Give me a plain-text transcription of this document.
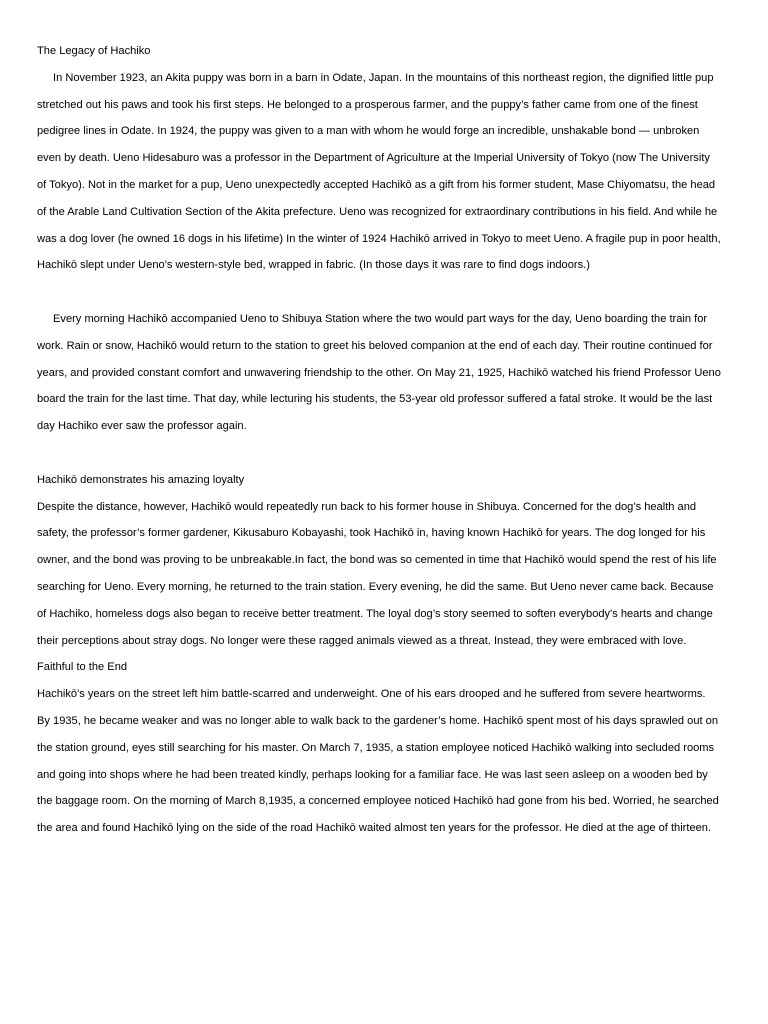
The Legacy of Hachiko

In November 1923, an Akita puppy was born in a barn in Odate, Japan. In the mountains of this northeast region, the dignified little pup stretched out his paws and took his first steps. He belonged to a prosperous farmer, and the puppy’s father came from one of the finest pedigree lines in Odate. In 1924, the puppy was given to a man with whom he would forge an incredible, unshakable bond — unbroken even by death. Ueno Hidesaburo was a professor in the Department of Agriculture at the Imperial University of Tokyo (now The University of Tokyo). Not in the market for a pup, Ueno unexpectedly accepted Hachikō as a gift from his former student, Mase Chiyomatsu, the head of the Arable Land Cultivation Section of the Akita prefecture. Ueno was recognized for extraordinary contributions in his field. And while he was a dog lover (he owned 16 dogs in his lifetime) In the winter of 1924 Hachikō arrived in Tokyo to meet Ueno. A fragile pup in poor health, Hachikō slept under Ueno’s western-style bed, wrapped in fabric. (In those days it was rare to find dogs indoors.)

Every morning Hachikō accompanied Ueno to Shibuya Station where the two would part ways for the day, Ueno boarding the train for work. Rain or snow, Hachikō would return to the station to greet his beloved companion at the end of each day. Their routine continued for years, and provided constant comfort and unwavering friendship to the other. On May 21, 1925, Hachikō watched his friend Professor Ueno board the train for the last time. That day, while lecturing his students, the 53-year old professor suffered a fatal stroke. It would be the last day Hachiko ever saw the professor again.

Hachikō demonstrates his amazing loyalty

Despite the distance, however, Hachikō would repeatedly run back to his former house in Shibuya. Concerned for the dog’s health and safety, the professor’s former gardener, Kikusaburo Kobayashi, took Hachikō in, having known Hachikō for years. The dog longed for his owner, and the bond was proving to be unbreakable.In fact, the bond was so cemented in time that Hachikō would spend the rest of his life searching for Ueno. Every morning, he returned to the train station. Every evening, he did the same. But Ueno never came back. Because of Hachiko, homeless dogs also began to receive better treatment. The loyal dog’s story seemed to soften everybody's hearts and change their perceptions about stray dogs. No longer were these ragged animals viewed as a threat. Instead, they were embraced with love.

Faithful to the End

Hachikō's years on the street left him battle-scarred and underweight. One of his ears drooped and he suffered from severe heartworms. By 1935, he became weaker and was no longer able to walk back to the gardener’s home. Hachikō spent most of his days sprawled out on the station ground, eyes still searching for his master. On March 7, 1935, a station employee noticed Hachikō walking into secluded rooms and going into shops where he had been treated kindly, perhaps looking for a familiar face. He was last seen asleep on a wooden bed by the baggage room. On the morning of March 8,1935, a concerned employee noticed Hachikō had gone from his bed. Worried, he searched the area and found Hachikō lying on the side of the road Hachikō waited almost ten years for the professor. He died at the age of thirteen.
